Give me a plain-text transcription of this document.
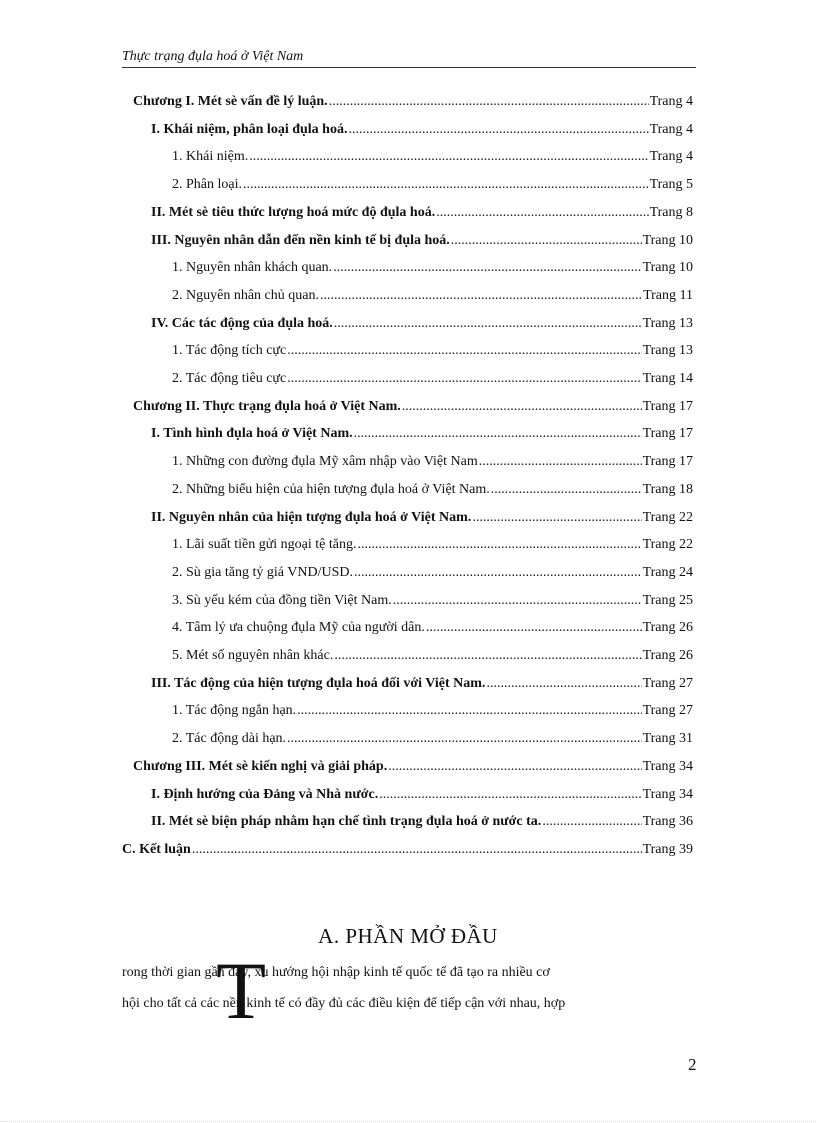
Thực trạng đụla hoá ở Việt Nam
Chương I. Mét sè vấn đề lý luận. .....	Trang 4
I. Khái niệm, phân loại đụla hoá. .....	Trang 4
1. Khái niệm. .....	Trang 4
2. Phân loại. .....	Trang 5
II. Mét sè tiêu thức lượng hoá mức độ đụla hoá. .....	Trang 8
III. Nguyên nhân dẫn đến nền kinh tế bị đụla hoá. .....	Trang 10
1. Nguyên nhân khách quan. .....	Trang 10
2. Nguyên nhân chủ quan. .....	Trang 11
IV. Các tác động của đụla hoá. .....	Trang 13
1. Tác động tích cực .....	Trang 13
2. Tác động tiêu cực .....	Trang 14
Chương II. Thực trạng đụla hoá ở Việt Nam. .....	Trang 17
I. Tình hình đụla hoá ở Việt Nam. .....	Trang 17
1. Những con đường đụla Mỹ xâm nhập vào Việt Nam .....	Trang 17
2. Những biểu hiện của hiện tượng đụla hoá ở Việt Nam. .....	Trang 18
II. Nguyên nhân của hiện tượng đụla hoá ở Việt Nam. .....	Trang 22
1. Lãi suất tiền gửi ngoại tệ tăng. .....	Trang 22
2. Sù gia tăng tỷ giá VND/USD. .....	Trang 24
3. Sù yếu kém của đồng tiền Việt Nam. .....	Trang 25
4. Tâm lý ưa chuộng đụla Mỹ của người dân. .....	Trang 26
5. Mét số nguyên nhân khác. .....	Trang 26
III. Tác động của hiện tượng đụla hoá đối với Việt Nam. .....	Trang 27
1. Tác động ngắn hạn. .....	Trang 27
2. Tác động dài hạn. .....	Trang 31
Chương III. Mét sè kiến nghị và giải pháp. .....	Trang 34
I. Định hướng của Đảng và Nhà nước. .....	Trang 34
II. Mét sè biện pháp nhằm hạn chế tình trạng đụla hoá ở nước ta. .....	Trang 36
C. Kết luận .....	Trang 39
A. PHẦN MỞ ĐẦU
rong thời gian gần đây, xu hướng hội nhập kinh tế quốc tế đã tạo ra nhiều cơ
hội cho tất cả các nền kinh tế có đầy đủ các điều kiện để tiếp cận với nhau, hợp
T
2
